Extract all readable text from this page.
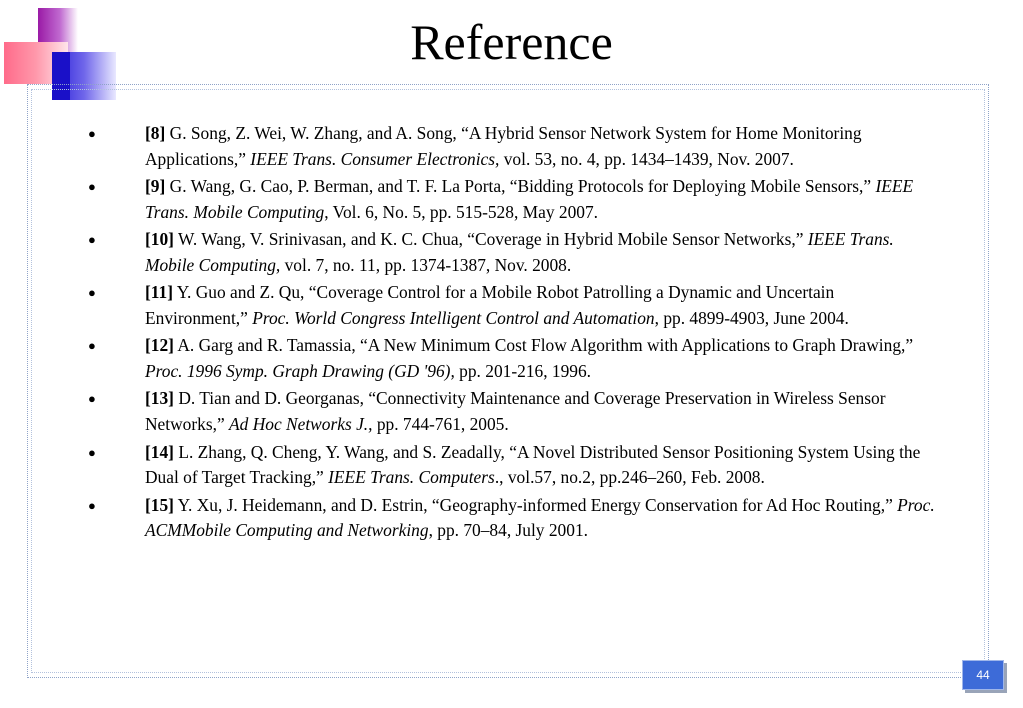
Reference
●	[8] G. Song, Z. Wei, W. Zhang, and A. Song, “A Hybrid Sensor Network System for Home Monitoring Applications,” IEEE Trans. Consumer Electronics, vol. 53, no. 4, pp. 1434–1439, Nov. 2007.
●	[9] G. Wang, G. Cao, P. Berman, and T. F. La Porta, “Bidding Protocols for Deploying Mobile Sensors,” IEEE Trans. Mobile Computing, Vol. 6, No. 5, pp. 515-528, May 2007.
●	[10] W. Wang, V. Srinivasan, and K. C. Chua, “Coverage in Hybrid Mobile Sensor Networks,” IEEE Trans. Mobile Computing, vol. 7, no. 11, pp. 1374-1387, Nov. 2008.
●	[11] Y. Guo and Z. Qu, “Coverage Control for a Mobile Robot Patrolling a Dynamic and Uncertain Environment,” Proc. World Congress Intelligent Control and Automation, pp. 4899-4903, June 2004.
●	[12] A. Garg and R. Tamassia, “A New Minimum Cost Flow Algorithm with Applications to Graph Drawing,” Proc. 1996 Symp. Graph Drawing (GD '96), pp. 201-216, 1996.
●	[13] D. Tian and D. Georganas, “Connectivity Maintenance and Coverage Preservation in Wireless Sensor Networks,” Ad Hoc Networks J., pp. 744-761, 2005.
●	[14] L. Zhang, Q. Cheng, Y. Wang, and S. Zeadally, “A Novel Distributed Sensor Positioning System Using the Dual of Target Tracking,” IEEE Trans. Computers., vol.57, no.2, pp.246–260, Feb. 2008.
●	[15] Y. Xu, J. Heidemann, and D. Estrin, “Geography-informed Energy Conservation for Ad Hoc Routing,” Proc. ACMMobile Computing and Networking, pp. 70–84, July 2001.
44
